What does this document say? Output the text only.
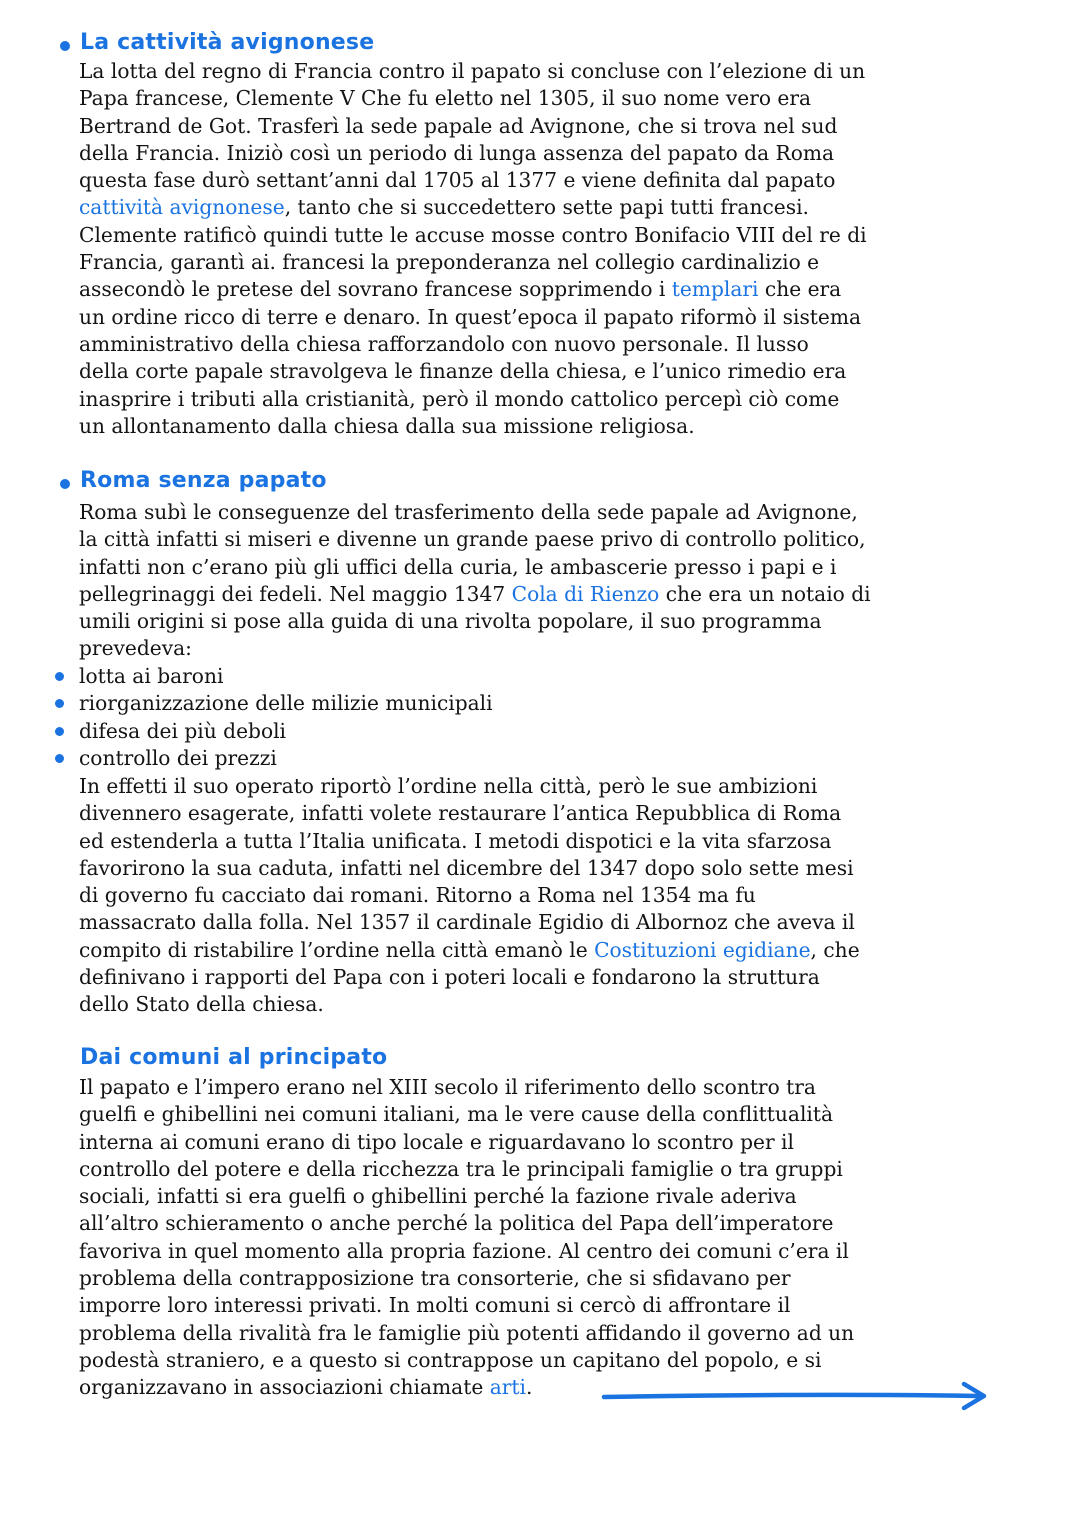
La cattività avignonese
La lotta del regno di Francia contro il papato si concluse con l’elezione di un
Papa francese, Clemente V Che fu eletto nel 1305, il suo nome vero era
Bertrand de Got. Trasferì la sede papale ad Avignone, che si trova nel sud
della Francia. Iniziò così un periodo di lunga assenza del papato da Roma
questa fase durò settant’anni dal 1705 al 1377 e viene definita dal papato
cattività avignonese, tanto che si succedettero sette papi tutti francesi.
Clemente ratificò quindi tutte le accuse mosse contro Bonifacio VIII del re di
Francia, garantì ai. francesi la preponderanza nel collegio cardinalizio e
assecondò le pretese del sovrano francese sopprimendo i templari che era
un ordine ricco di terre e denaro. In quest’epoca il papato riformò il sistema
amministrativo della chiesa rafforzandolo con nuovo personale. Il lusso
della corte papale stravolgeva le finanze della chiesa, e l’unico rimedio era
inasprire i tributi alla cristianità, però il mondo cattolico percepì ciò come
un allontanamento dalla chiesa dalla sua missione religiosa.
Roma senza papato
Roma subì le conseguenze del trasferimento della sede papale ad Avignone,
la città infatti si miseri e divenne un grande paese privo di controllo politico,
infatti non c’erano più gli uffici della curia, le ambascerie presso i papi e i
pellegrinaggi dei fedeli. Nel maggio 1347 Cola di Rienzo che era un notaio di
umili origini si pose alla guida di una rivolta popolare, il suo programma
prevedeva:
lotta ai baroni
riorganizzazione delle milizie municipali
difesa dei più deboli
controllo dei prezzi
In effetti il suo operato riportò l’ordine nella città, però le sue ambizioni
divennero esagerate, infatti volete restaurare l’antica Repubblica di Roma
ed estenderla a tutta l’Italia unificata. I metodi dispotici e la vita sfarzosa
favorirono la sua caduta, infatti nel dicembre del 1347 dopo solo sette mesi
di governo fu cacciato dai romani. Ritorno a Roma nel 1354 ma fu
massacrato dalla folla. Nel 1357 il cardinale Egidio di Albornoz che aveva il
compito di ristabilire l’ordine nella città emanò le Costituzioni egidiane, che
definivano i rapporti del Papa con i poteri locali e fondarono la struttura
dello Stato della chiesa.
Dai comuni al principato
Il papato e l’impero erano nel XIII secolo il riferimento dello scontro tra
guelfi e ghibellini nei comuni italiani, ma le vere cause della conflittualità
interna ai comuni erano di tipo locale e riguardavano lo scontro per il
controllo del potere e della ricchezza tra le principali famiglie o tra gruppi
sociali, infatti si era guelfi o ghibellini perché la fazione rivale aderiva
all’altro schieramento o anche perché la politica del Papa dell’imperatore
favoriva in quel momento alla propria fazione. Al centro dei comuni c’era il
problema della contrapposizione tra consorterie, che si sfidavano per
imporre loro interessi privati. In molti comuni si cercò di affrontare il
problema della rivalità fra le famiglie più potenti affidando il governo ad un
podestà straniero, e a questo si contrappose un capitano del popolo, e si
organizzavano in associazioni chiamate arti.
